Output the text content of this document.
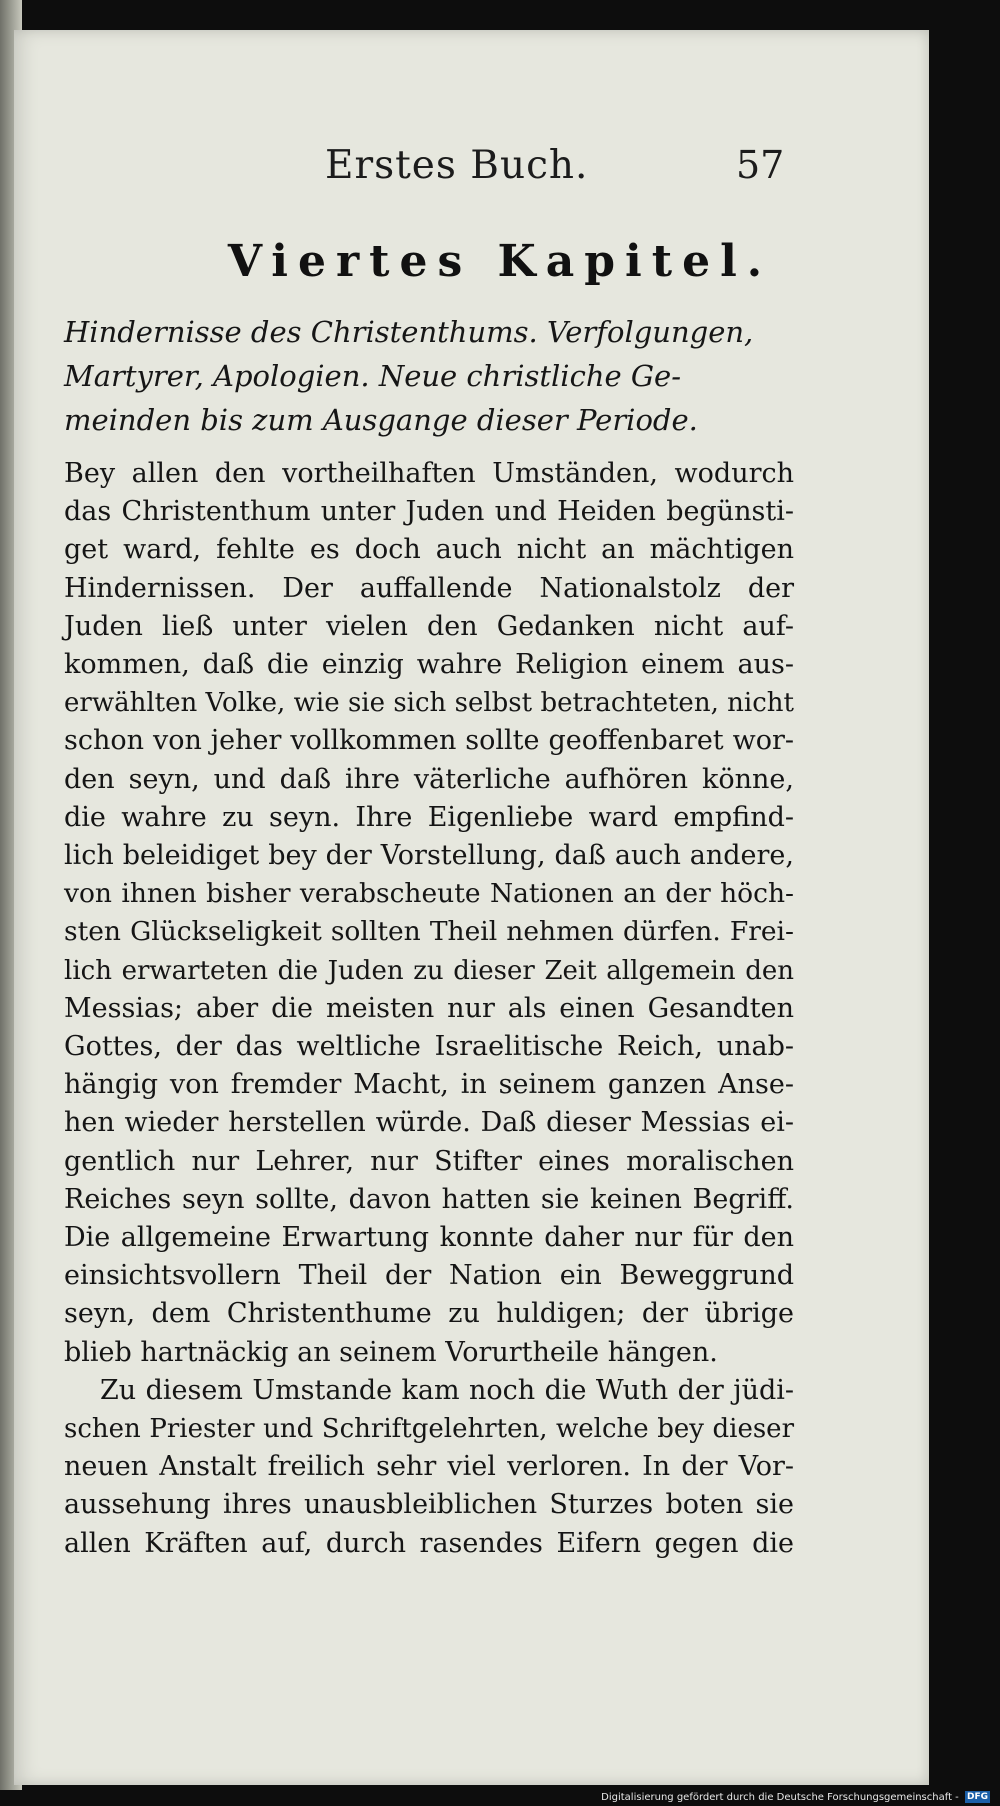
Erstes Buch.	57
Viertes Kapitel.
Hindernisse des Christenthums. Verfolgungen,
Martyrer, Apologien. Neue christliche Ge-
meinden bis zum Ausgange dieser Periode.
Bey allen den vortheilhaften Umständen, wodurch
das Christenthum unter Juden und Heiden begünsti-
get ward, fehlte es doch auch nicht an mächtigen
Hindernissen. Der auffallende Nationalstolz der
Juden ließ unter vielen den Gedanken nicht auf-
kommen, daß die einzig wahre Religion einem aus-
erwählten Volke, wie sie sich selbst betrachteten, nicht
schon von jeher vollkommen sollte geoffenbaret wor-
den seyn, und daß ihre väterliche aufhören könne,
die wahre zu seyn. Ihre Eigenliebe ward empfind-
lich beleidiget bey der Vorstellung, daß auch andere,
von ihnen bisher verabscheute Nationen an der höch-
sten Glückseligkeit sollten Theil nehmen dürfen. Frei-
lich erwarteten die Juden zu dieser Zeit allgemein den
Messias; aber die meisten nur als einen Gesandten
Gottes, der das weltliche Israelitische Reich, unab-
hängig von fremder Macht, in seinem ganzen Anse-
hen wieder herstellen würde. Daß dieser Messias ei-
gentlich nur Lehrer, nur Stifter eines moralischen
Reiches seyn sollte, davon hatten sie keinen Begriff.
Die allgemeine Erwartung konnte daher nur für den
einsichtsvollern Theil der Nation ein Beweggrund
seyn, dem Christenthume zu huldigen; der übrige
blieb hartnäckig an seinem Vorurtheile hängen.
Zu diesem Umstande kam noch die Wuth der jüdi-
schen Priester und Schriftgelehrten, welche bey dieser
neuen Anstalt freilich sehr viel verloren. In der Vor-
aussehung ihres unausbleiblichen Sturzes boten sie
allen Kräften auf, durch rasendes Eifern gegen die
Digitalisierung gefördert durch die Deutsche Forschungsgemeinschaft - DFG
